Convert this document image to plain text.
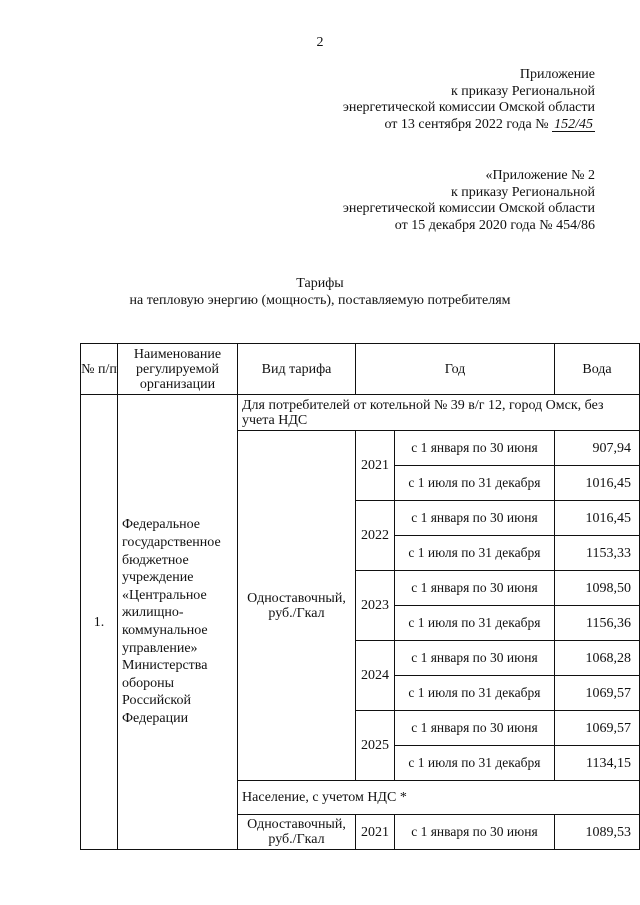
2
Приложение
к приказу Региональной
энергетической комиссии Омской области
от 13 сентября 2022 года № 152/45
«Приложение № 2
к приказу Региональной
энергетической комиссии Омской области
от 15 декабря 2020 года № 454/86
Тарифы
на тепловую энергию (мощность), поставляемую потребителям
№ п/п	Наименование регулируемой организации	Вид тарифа	Год		Вода
1.	Федеральное государственное бюджетное учреждение «Центральное жилищно-коммунальное управление» Министерства обороны Российской Федерации	Для потребителей от котельной № 39 в/г 12, город Омск, без учета НДС			
		Одноставочный, руб./Гкал	2021	с 1 января по 30 июня	907,94
				с 1 июля по 31 декабря	1016,45
			2022	с 1 января по 30 июня	1016,45
				с 1 июля по 31 декабря	1153,33
			2023	с 1 января по 30 июня	1098,50
				с 1 июля по 31 декабря	1156,36
			2024	с 1 января по 30 июня	1068,28
				с 1 июля по 31 декабря	1069,57
			2025	с 1 января по 30 июня	1069,57
				с 1 июля по 31 декабря	1134,15
		Население, с учетом НДС *			
		Одноставочный, руб./Гкал	2021	с 1 января по 30 июня	1089,53
